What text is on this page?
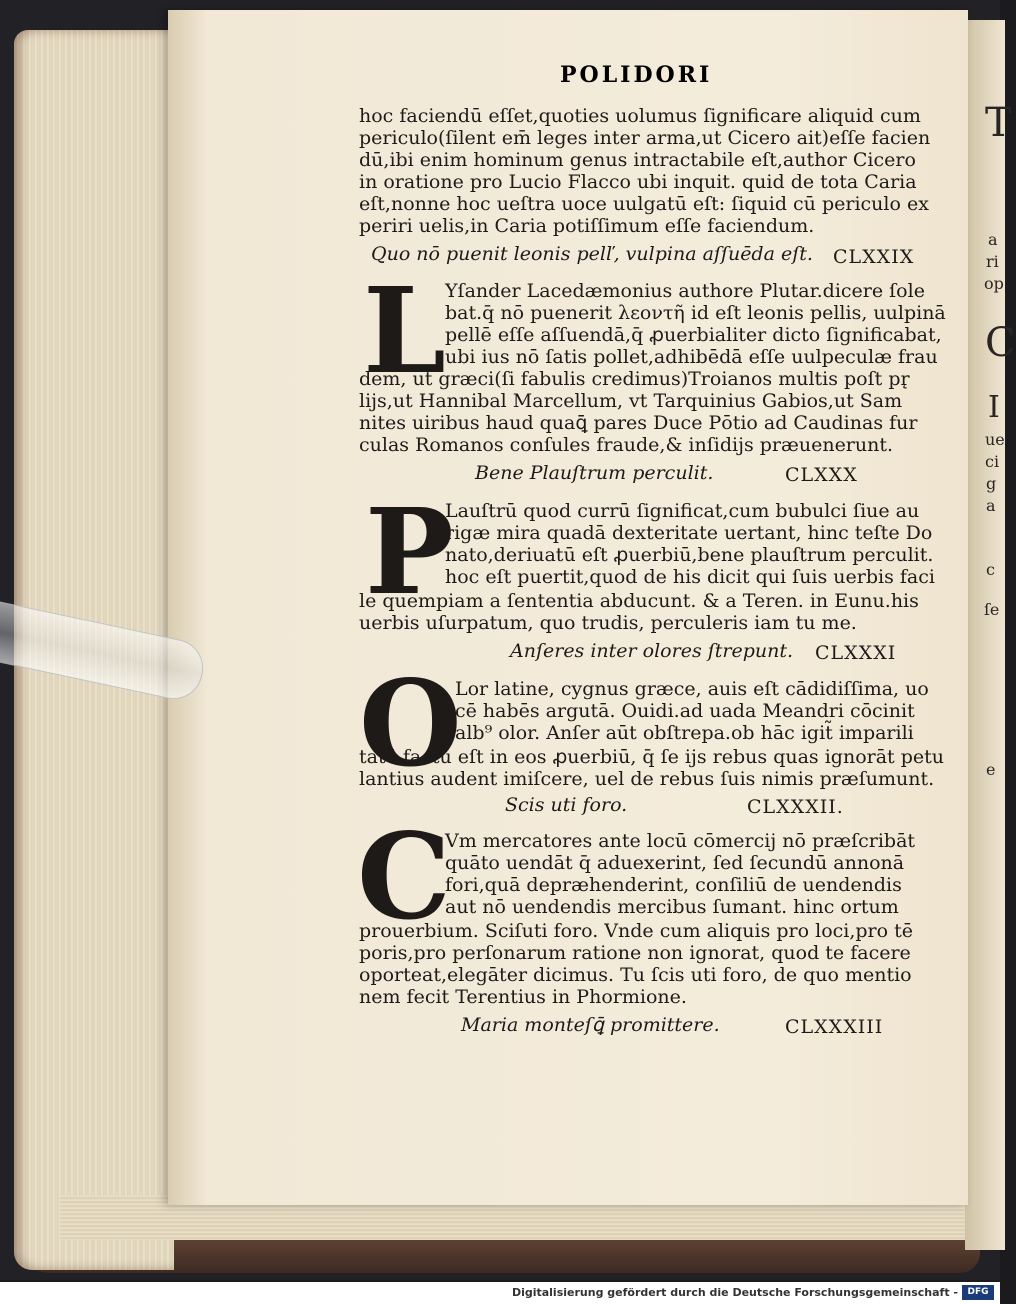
POLIDORI
hoc faciendū eſſet,quoties uolumus ſignificare aliquid cum
periculo(ſilent em̄ leges inter arma,ut Cicero ait)eſſe facien
dū,ibi enim hominum genus intractabile eſt,author Cicero
in oratione pro Lucio Flacco ubi inquit. quid de tota Caria
eſt,nonne hoc ueſtra uoce uulgatū eſt: ſiquid cū periculo ex
periri uelis,in Caria potiſſimum eſſe faciendum.
Quo nō puenit leonis pelľ, vulpina aſſuēda eſt. CLXXIX
L Yſander Lacedæmonius authore Plutar.dicere ſole
bat.q̄ nō puenerit λεοντῆ id eſt leonis pellis, uulpinā
pellē eſſe aſſuendā,q̄ ꝓuerbialiter dicto ſignificabat,
ubi ius nō ſatis pollet,adhibēdā eſſe uulpeculæ frau
dem, ut græci(ſi fabulis credimus)Troianos multis poſt pr̨
lijs,ut Hannibal Marcellum, vt Tarquinius Gabios,ut Sam
nites uiribus haud quaꝗ̄ pares Duce Pōtio ad Caudinas fur
culas Romanos conſules fraude,& inſidijs præuenerunt.
Bene Plauſtrum perculit.	CLXXX
P
Lauſtrū quod currū ſignificat,cum bubulci ſiue au
rigæ mira quadā dexteritate uertant, hinc teſte Do
nato,deriuatū eſt ꝓuerbiū,bene plauſtrum perculit.
hoc eſt puertit,quod de his dicit qui ſuis uerbis faci
le quempiam a ſententia abducunt. & a Teren. in Eunu.his
uerbis uſurpatum, quo trudis, perculeris iam tu me.
Anſeres inter olores ſtrepunt. CLXXXI
O
Lor latine, cygnus græce, auis eſt cādidiſſima, uo
cē habēs argutā. Ouidi.ad uada Meandri cōcinit
alb⁹ olor. Anſer aūt obſtrepa.ob hāc igit̃ imparili
tatē factū eſt in eos ꝓuerbiū, q̄ ſe ijs rebus quas ignorāt petu
lantius audent imiſcere, uel de rebus ſuis nimis præſumunt.
Scis uti foro.	CLXXXII.
C
Vm mercatores ante locū cōmercij nō præſcribāt
quāto uendāt q̄ aduexerint, ſed ſecundū annonā
fori,quā depræhenderint, conſiliū de uendendis
aut nō uendendis mercibus ſumant. hinc ortum
prouerbium. Sciſuti foro. Vnde cum aliquis pro loci,pro tē
poris,pro perſonarum ratione non ignorat, quod te facere
oporteat,elegāter dicimus. Tu ſcis uti foro, de quo mentio
nem fecit Terentius in Phormione.
Maria monteſꝗ̄ promittere.	CLXXXIII
T
a
ri
op
C
I
ue
ci
g
a
c
ſe
e
Digitalisierung gefördert durch die Deutsche Forschungsgemeinschaft -	DFG
